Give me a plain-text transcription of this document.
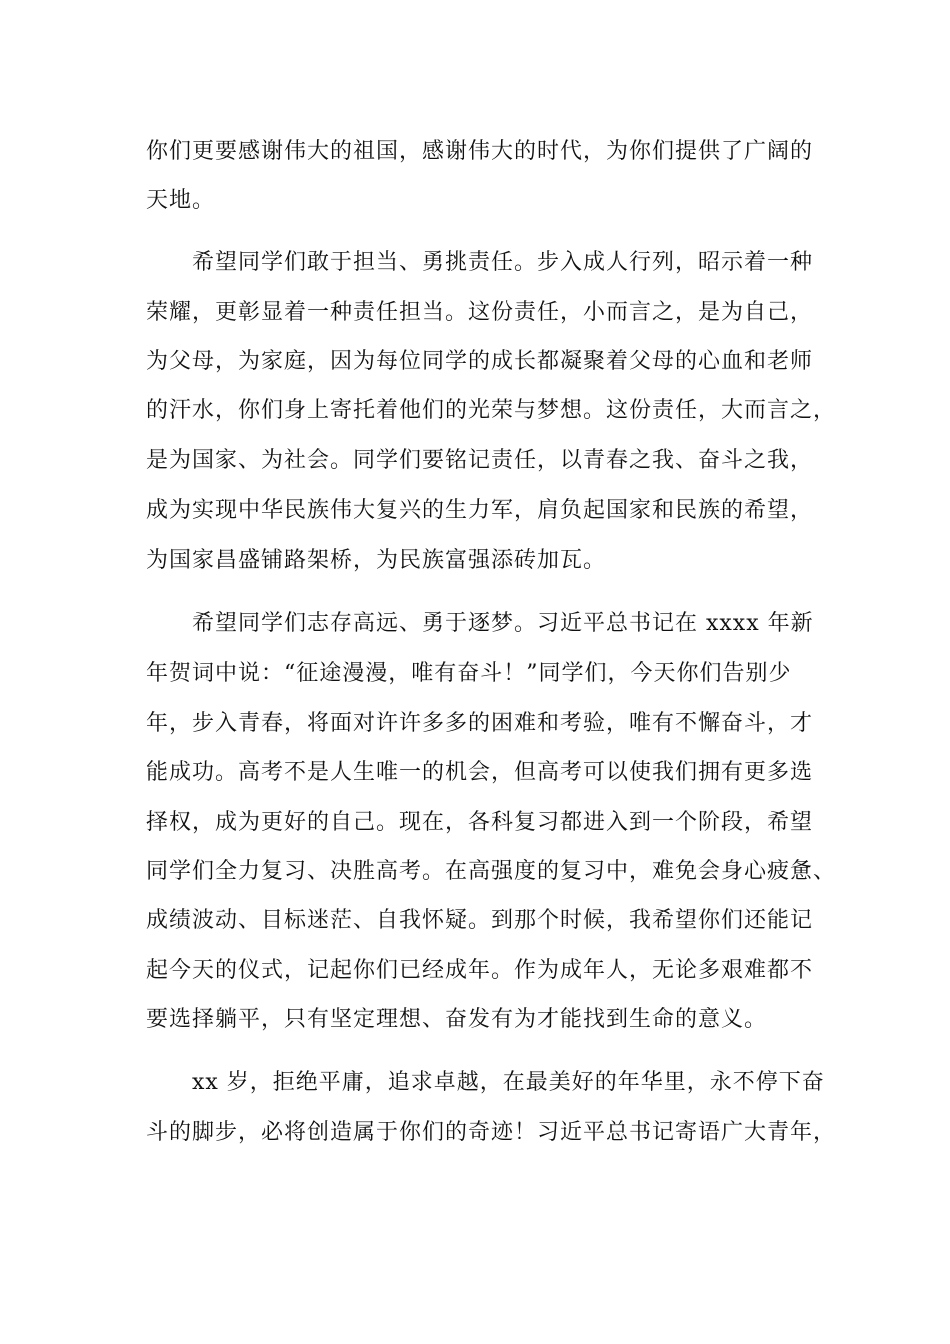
你们更要感谢伟大的祖国，感谢伟大的时代，为你们提供了广阔的
天地。
希望同学们敢于担当、勇挑责任。步入成人行列，昭示着一种
荣耀，更彰显着一种责任担当。这份责任，小而言之，是为自己，
为父母，为家庭，因为每位同学的成长都凝聚着父母的心血和老师
的汗水，你们身上寄托着他们的光荣与梦想。这份责任，大而言之，
是为国家、为社会。同学们要铭记责任，以青春之我、奋斗之我，
成为实现中华民族伟大复兴的生力军，肩负起国家和民族的希望，
为国家昌盛铺路架桥，为民族富强添砖加瓦。
希望同学们志存高远、勇于逐梦。习近平总书记在 xxxx 年新
年贺词中说：“征途漫漫，唯有奋斗！”同学们，今天你们告别少
年，步入青春，将面对许许多多的困难和考验，唯有不懈奋斗，才
能成功。高考不是人生唯一的机会，但高考可以使我们拥有更多选
择权，成为更好的自己。现在，各科复习都进入到一个阶段，希望
同学们全力复习、决胜高考。在高强度的复习中，难免会身心疲惫、
成绩波动、目标迷茫、自我怀疑。到那个时候，我希望你们还能记
起今天的仪式，记起你们已经成年。作为成年人，无论多艰难都不
要选择躺平，只有坚定理想、奋发有为才能找到生命的意义。
xx 岁，拒绝平庸，追求卓越，在最美好的年华里，永不停下奋
斗的脚步，必将创造属于你们的奇迹！习近平总书记寄语广大青年，
